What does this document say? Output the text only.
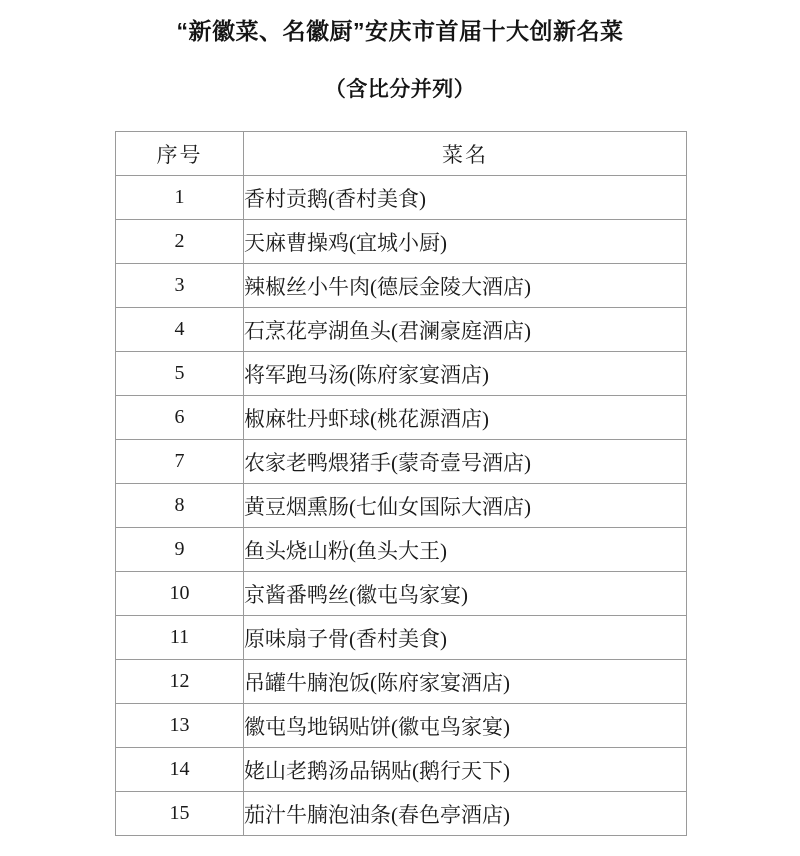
“新徽菜、名徽厨”安庆市首届十大创新名菜
（含比分并列）
序号	菜名
1	香村贡鹅(香村美食)
2	天麻曹操鸡(宜城小厨)
3	辣椒丝小牛肉(德辰金陵大酒店)
4	石烹花亭湖鱼头(君澜豪庭酒店)
5	将军跑马汤(陈府家宴酒店)
6	椒麻牡丹虾球(桃花源酒店)
7	农家老鸭煨猪手(蒙奇壹号酒店)
8	黄豆烟熏肠(七仙女国际大酒店)
9	鱼头烧山粉(鱼头大王)
10	京酱番鸭丝(徽屯鸟家宴)
11	原味扇子骨(香村美食)
12	吊罐牛腩泡饭(陈府家宴酒店)
13	徽屯鸟地锅贴饼(徽屯鸟家宴)
14	姥山老鹅汤品锅贴(鹅行天下)
15	茄汁牛腩泡油条(春色亭酒店)
